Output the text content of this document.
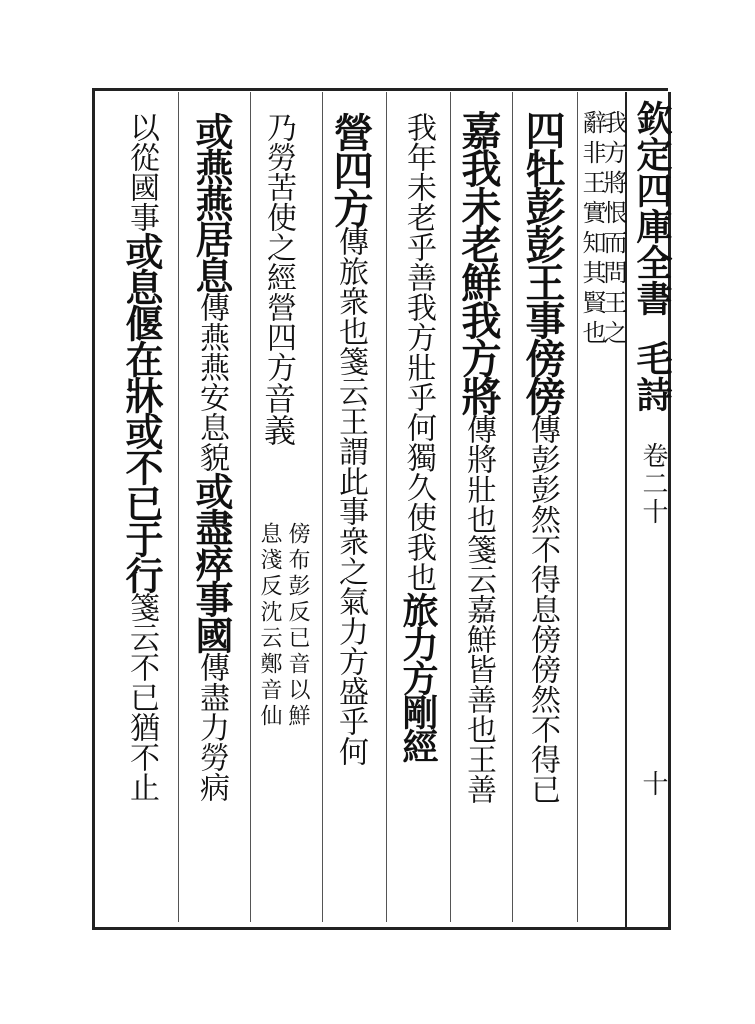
欽定四庫全書
毛詩
卷二十
十
我方將恨而問王之
辭非王實知其賢也
四牡彭彭王事傍傍傳彭彭然不得息傍傍然不得已
嘉我未老鮮我方將傳將壯也箋云嘉鮮皆善也王善
我年未老乎善我方壯乎何獨久使我也旅力方剛經
營四方傳旅衆也箋云王謂此事衆之氣力方盛乎何
乃勞苦使之經營四方音義
傍布彭反已音以鮮
息淺反沈云鄭音仙
或燕燕居息傳燕燕安息貌或盡瘁事國傳盡力勞病
以從國事或息偃在牀或不已于行箋云不已猶不止
